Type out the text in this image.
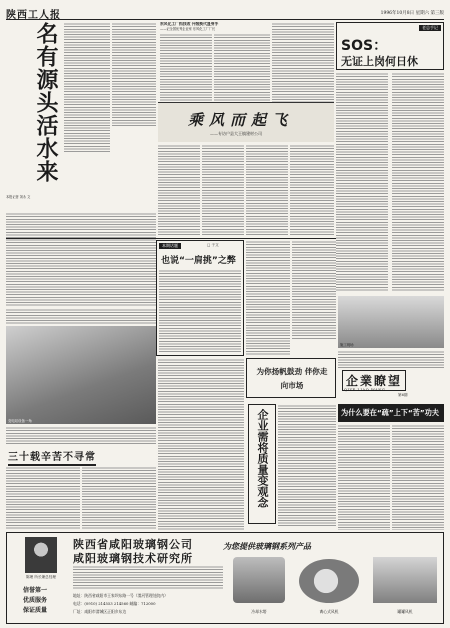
陕西工人报	1996年10月8日 星期六 第三版
名有源头活水来
本报记者 刘永 文
东风化工厂抓技改 升级换代显身手
——记全国优秀企业家 东风化工厂厂长
乘风而起飞
——专访户县大王镇建材公司
老总手记
SOS：
无证上岗何日休
本期话题	□ 于文
也说“一肩挑”之弊
施工现场
为你扬帆鼓劲 伴你走向市场	企業瞭望
QIYE LIAO WANG
第6期
变电站设备一角	企业需将质量变观念	为什么要在“疏”上下“苦”功夫
三十载辛苦不寻常
陕西省咸阳玻璃钢公司
咸阳玻璃钢技术研究所
为您提供玻璃钢系列产品
陈理 所长兼总经理
信誉第一
优质服务
保证质量
地址：陕西省咸阳市王家坝东路一号（渭河管理处院内）
电话：(0910) 214553 214560 邮编：712000
厂址：咸阳市渭城区正阳乡东边	冷却水塔	离心式风机	罐罐风机
